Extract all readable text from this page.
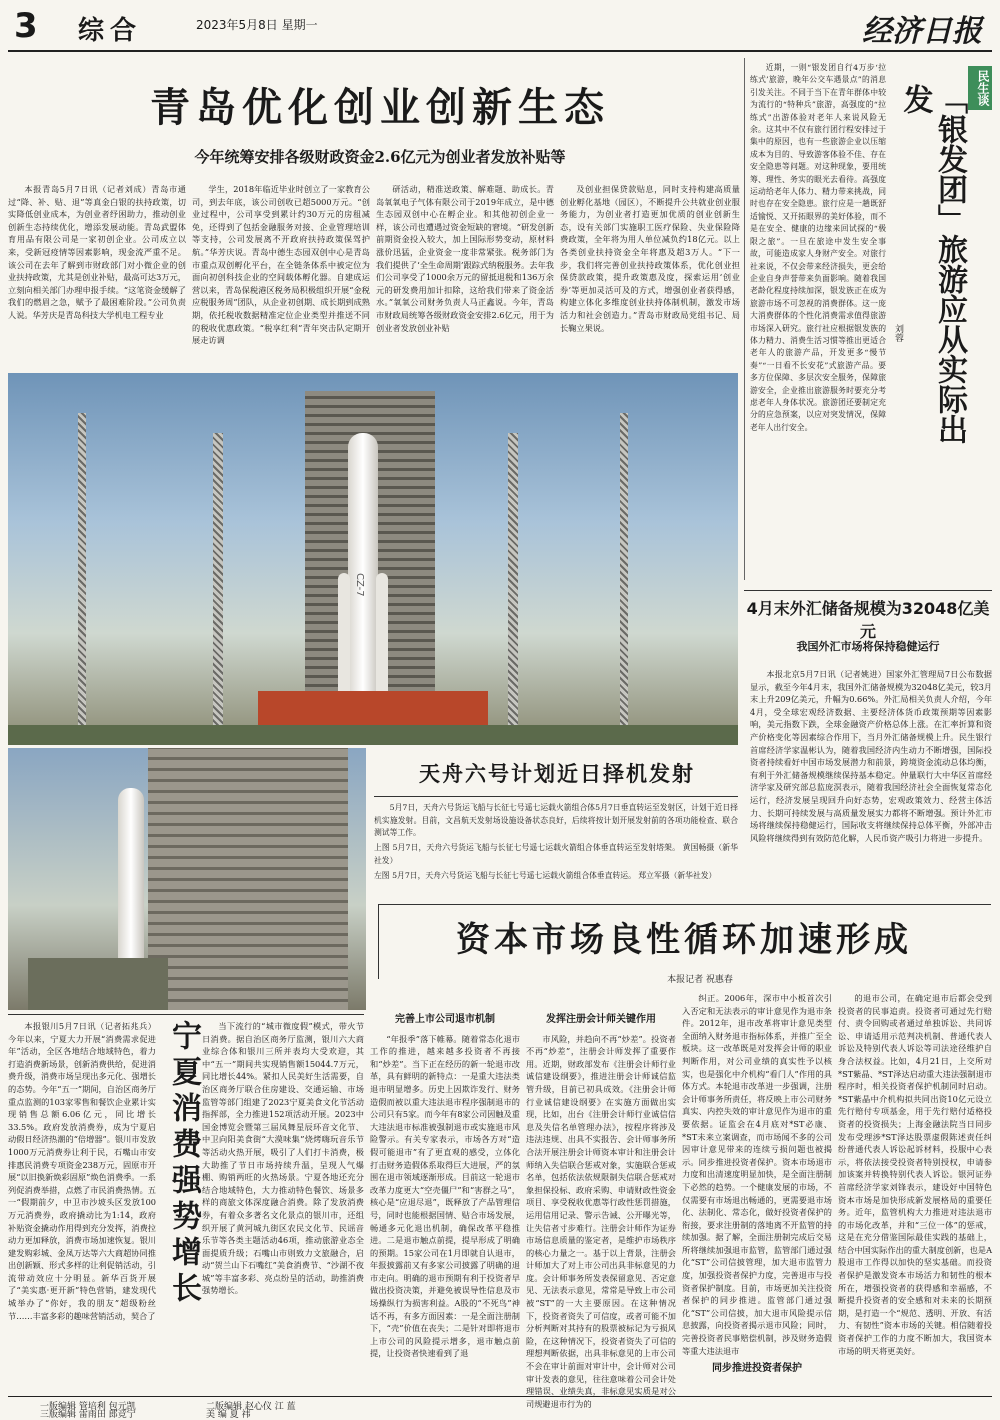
3 综合	2023年5月8日 星期一	经济日报
青岛优化创业创新生态
今年统筹安排各级财政资金2.6亿元为创业者发放补贴等

本报青岛5月7日讯（记者刘成）青岛市通过“降、补、贴、退”等真金白银的扶持政策，切实降低创业成本，为创业者纾困助力，推动创业创新生态持续优化，增添发展动能。青岛武盟体育用品有限公司是一家初创企业。公司成立以来，受新冠疫情等因素影响，现金流严重不足。该公司在去年了解到市财政部门对小微企业的创业扶持政策，尤其是创业补贴，最高可达3万元，立刻向相关部门办理申报手续。“这笔资金缓解了我们的燃眉之急，赋予了最困难阶段。”公司负责人说。华芳庆是青岛科技大学机电工程专业

学生，2018年临近毕业时创立了一家教育公司，到去年底，该公司创收已超5000万元。“创业过程中，公司享受到累计约30万元的房租减免，还得到了包括金融服务对接、企业管理培训等支持，公司发展离不开政府扶持政策保驾护航。”华芳庆说。青岛中德生态园双创中心是青岛市重点双创孵化平台，在全链条体系中被定位为面向初创科技企业的空间载体孵化器。自建成运营以来，青岛保税港区税务局积极组织开展“金税应税服务周”团队，从企业初创期、成长期到成熟期，依托税收数据精准定位企业类型并推送不同的税收优惠政策。“税享红利”青年突击队定期开展走访调

研活动，精准送政策、解难题、助成长。青岛氧氧电子气体有限公司于2019年成立，是中德生态园双创中心在孵企业。和其他初创企业一样，该公司也遭遇过资金短缺的窘境。“研发创新前期资金投入较大，加上国际形势变动，原材料涨价迅猛，企业资金一度非常紧张。税务部门为我们提供了‘全生命周期’跟踪式纳税服务。去年我们公司享受了1000余万元的留抵退税和136万余元的研发费用加计扣除，这给我们带来了资金活水。”氧氧公司财务负责人马正鑫说。今年，青岛市财政局统筹各级财政资金安排2.6亿元，用于为创业者发放创业补贴

及创业担保贷款贴息，同时支持构建高质量创业孵化基地（园区），不断提升公共就业创业服务能力，为创业者打造更加优质的创业创新生态，设有关部门实施职工医疗保险、失业保险降费政策，全年将为用人单位减负约18亿元。以上各类创业扶持资金全年将惠及超3万人。“下一步，我们将完善创业扶持政策体系，优化创业担保贷款政策，提升政策惠及度，探索运用‘创业券’等更加灵活可及的方式，增强创业者获得感，构建立体化多维度创业扶持体制机制，激发市场活力和社会创造力。”青岛市财政局党组书记、局长鞠立果说。

CZ-7
天舟六号计划近日择机发射

5月7日，天舟六号货运飞船与长征七号遥七运载火箭组合体5月7日垂直转运至发射区，计划于近日择机实施发射。目前，文昌航天发射场设施设备状态良好，后续将按计划开展发射前的各项功能检查、联合测试等工作。

上图 5月7日，天舟六号货运飞船与长征七号遥七运载火箭组合体垂直转运至发射塔架。 黄国畅摄（新华社发）
左图 5月7日，天舟六号货运飞船与长征七号遥七运载火箭组合体垂直转运。 郑立军摄（新华社发）
民生谈
「银发团」旅游应从实际出发
刘蓉

近期，一则“银发团自行4万步‘拉练式’旅游，晚年公交车遇景点”的消息引发关注。不同于当下在青年群体中较为流行的“特种兵”旅游，高强度的“拉练式”出游体验对老年人来说风险无余。这其中不仅有旅行团行程安排过于集中的原因，也有一些旅游企业以压缩成本为目的、导致游客体验不佳、存在安全隐患等问题。对这种现象，要用统筹、理性、务实的眼光去看待。高强度运动给老年人体力、精力带来挑战，同时也存在安全隐患。旅行应是一趟既舒适愉悦、又开拓眼界的美好体验，而不是在安全、健康的边缘来回试探的“极限之旅”。一旦在旅途中发生安全事故，可能造成家人身财产安全。对旅行社来说，不仅会带来经济损失，更会给企业自身声誉带来负面影响。随着我国老龄化程度持续加深，银发族正在成为旅游市场不可忽视的消费群体。这一庞大消费群体的个性化消费需求值得旅游市场深入研究。旅行社应根据银发族的体力精力、消费生活习惯等推出更适合老年人的旅游产品，开发更多“慢节奏”“一日看不长安花”式旅游产品。要多方位保障、多层次安全服务，保障旅游安全，企业推出旅游服务时要充分考虑老年人身体状况。旅游团还要制定充分的应急预案，以应对突发情况，保障老年人出行安全。

4月末外汇储备规模为32048亿美元
我国外汇市场将保持稳健运行

本报北京5月7日讯（记者姚进）国家外汇管理局7日公布数据显示，截至今年4月末，我国外汇储备规模为32048亿美元，较3月末上升209亿美元，升幅为0.66%。外汇局相关负责人介绍，今年4月，受全球宏观经济数据、主要经济体货币政策预期等因素影响，美元指数下跌，全球金融资产价格总体上涨。在汇率折算和资产价格变化等因素综合作用下，当月外汇储备规模上升。民生银行首席经济学家温彬认为，随着我国经济内生动力不断增强，国际投资者持续看好中国市场发展潜力和前景，跨境资金流动总体均衡，有利于外汇储备规模继续保持基本稳定。仲量联行大中华区首席经济学家及研究部总监庞溟表示，随着我国经济社会全面恢复常态化运行，经济发展呈现回升向好态势，宏观政策效力、经营主体活力、长期可持续发展与高质量发展实力都将不断增强。预计外汇市场将继续保持稳健运行，国际收支将继续保持总体平衡，外部冲击风险将继续得到有效防范化解，人民币资产吸引力将进一步提升。

资本市场良性循环加速形成
本报记者 祝惠春
完善上市公司退市机制

“年报季”落下帷幕。随着常态化退市工作的推进，越来越多投资者不再接和“炒差”。当下正在经历的新一轮退市改革，具有鲜明的新特点：一是重大违法类退市明显增多。历史上因欺诈发行、财务造假而被以重大违法退市程序强制退市的公司只有5家。而今年有8家公司因触及重大违法退市标准被强制退市或实施退市风险警示。有关专家表示，市场各方对“造假可能退市”有了更直观的感受，立体化打击财务造假体系取得巨大进展，严的氛围在退市领域逐渐形成。目前这一轮退市改革力度更大“空壳僵尸”和“害群之马”，核心是“应退尽退”，既释放了产品管理信号，同时也能根据国情、贴合市场发展，畅通多元化退出机制，确保改革平稳推进。二是退市触点前提，提早形成了明确的预期。15家公司在1月即就自认退市，年报披露前又有多家公司披露了明确的退市走向。明确的退市预期有利于投资者早做出投资决策，并避免被误导性信息及市场操纵行为损害利益。A股的“不死鸟”神话不再，有多方面因素：一是全面注册制下，“壳”价值在丧失；二是针对即将退市上市公司的风险提示增多，退市触点前提，让投资者快速看到了退

发挥注册会计师关键作用

市风险，并趋向不再“炒差”。投资者不再“炒差”，注册会计师发挥了重要作用。近期，财政部发布《注册会计师行业诚信建设纲要》，推进注册会计师诚信监管升级，目前已初具成效。《注册会计师行业诚信建设纲要》在实施方面做出实现，比如，出台《注册会计师行业诚信信息及失信名单管理办法》，按程序将涉及违法违规、出具不实报告、会计师事务所合法开展注册会计师资本审计和注册会计师纳入失信联合惩戒对象，实施联合惩戒名单，包括依法依规限制失信联合惩戒对象担保投标、政府采购、申请财政性资金项目、享受税收优惠等行政性惩罚措施，运用信用记录、警示告诫、公开曝光等，让失信者寸步难行。注册会计师作为证券市场信息质量的鉴定者，是维护市场秩序的核心力量之一。基于以上背景，注册会计师加大了对上市公司出具非标意见的力度。会计师事务所发表保留意见、否定意见、无法表示意见，常常是导致上市公司被“ST”的一大主要原因。在这种情况下，投资者资失了可信度，或者可能不加分析判断对其持有的股票被标记为亏损风险，在这种情况下，投资者资失了可信的理想判断依据，出具非标意见的上市公司不会在审计前面对审计中，会计师对公司审计发表的意见，往往意味着公司会计处理错误、业绩失真，非标意见实质是对公司规避退市行为的

纠正。2006年，深市中小板首次引入否定和无法表示的审计意见作为退市条件。2012年，退市改革将审计意见类型全面纳入财务退市指标体系，并推广至全板块。这一改革既是对发挥会计师的职业判断作用，对公司业绩的真实性予以核实，也是强化中介机构“看门人”作用的具体方式。本轮退市改革进一步强调，注册会计师事务所责任，将反映上市公司财务真实、内控失效的审计意见作为退市的重要依据。证监会在4月底对*ST必康、*ST未来立案调查，而市场闻不多的公司因审计意见带来的连续亏损问题也被揭示。同步推进投资者保护。资本市场退市力度和出清速度明显加快，是全面注册制下必然的趋势。一个健康发展的市场，不仅需要有市场退出畅通的，更需要退市场化、法制化、常态化，做好投资者保护的衔接，要求注册制的落地离不开监管的持续加强。据了解，全面注册制完成后交易所将继续加强退市监管，监管部门通过强化“ST”公司信披管理，加大退市监管力度，加强投资者保护力度，完善退市与投资者保护制度。目前，市场更加关注投资者保护的同步推进。监管部门通过强化“ST”公司信披，加大退市风险提示信息披露，向投资者揭示退市风险；同时，完善投资者民事赔偿机制，涉及财务造假等重大违法退市

同步推进投资者保护

的退市公司，在确定退市后都会受到投资者的民事追责。投资者可通过先行赔付、责令回购或者通过单独诉讼、共同诉讼、申请适用示范判决机制、普通代表人诉讼及特别代表人诉讼等司法途径维护自身合法权益。比如，4月21日，上交所对*ST紫晶、*ST泽达启动重大违法强制退市程序时，相关投资者保护机制同时启动。*ST紫晶中介机构拟共同出资10亿元设立先行赔付专项基金，用于先行赔付适格投资者的投资损失；上海金融法院当日同步发布受理涉*ST泽达股票虚假陈述责任纠纷普通代表人诉讼起诉材料，投服中心表示，将依法接受投资者特别授权，申请参加该案并转换特别代表人诉讼。银河证券首席经济学家刘锋表示，建设好中国特色资本市场是加快形成新发展格局的重要任务。近年，监管机构大力推进对违法退市的市场化改革，并和“三位一体”的惩戒，这是在充分借鉴国际最佳实践的基础上，结合中国实际作出的重大制度创新，也是A股退市工作得以加快的坚实基础。而投资者保护是激发资本市场活力和韧性的根本所在，增强投资者的获得感和幸福感，不断提升投资者的安全感和对未来的长期预期，是打造一个“规范、透明、开放、有活力、有韧性”资本市场的关键。相信随着投资者保护工作的力度不断加大，我国资本市场的明天将更美好。

宁夏消费强势增长

本报银川5月7日讯（记者拓兆兵）今年以来，宁夏大力开展“消费需求促进年”活动，全区各地结合地域特色，着力打造消费新场景，创新消费供给，促进消费升级，消费市场呈现出多元化、强增长的态势。今年“五一”期间，自治区商务厅重点监测的103家零售和餐饮企业累计实现销售总额6.06亿元，同比增长33.5%。政府发放消费券，成为宁夏启动假日经济热潮的“倍增器”。银川市发放1000万元消费券让利于民，石嘴山市安排惠民消费专项资金238万元，固原市开展“以旧换新焕彩固原”焕色消费季。一系列促消费举措，点燃了市民消费热情。五一“假期前夕，中卫市沙坡头区发放100万元消费券，政府撬动比为1:14，政府补贴资金撬动作用得到充分发挥，消费拉动力更加释放，消费市场加速恢复。银川建发购彩城、金凤万达等六大商超协同推出创新颖、形式多样的让利促销活动，引流带动效应十分明显。新华百货开展了“美实惠·更开新”特色营销，建发现代城举办了“你好，我的朋友”超级粉丝节……丰富多彩的趣味营销活动，契合了

当下流行的“城市微度假”模式，带火节日消费。据自治区商务厅监测，银川六大商业综合体和银川三所并表均大受欢迎，其中“五一”期间共实现销售额15044.7万元，同比增长44%。紧扣人民美好生活需要，自治区商务厅联合住房建设、交通运输、市场监管等部门组建了2023宁夏美食文化节活动指挥部，全力推进152项活动开展。2023中国金博览会暨第三届凤舞星辰环音文化节、中卫向阳美食街“大漠味集”烧烤嗨玩音乐节等活动火热开展，吸引了人们打卡消费，极大助推了节日市场持续升温，呈现人气爆棚、购销两旺的火热场景。宁夏各地还充分结合地域特色，大力推动特色餐饮、场景多样的商旅文体深度融合消费。除了发放消费券，有着众多著名文化景点的银川市，还组织开展了黄河城九街区农民文化节、民谣音乐节等各类主题活动46项，推动旅游业态全面提质升级；石嘴山市则致力文旅融合，启动“贺兰山下石嘴红”美食消费节、“沙湖不夜城”等丰富多彩、亮点纷呈的活动，助推消费强势增长。

一版编辑 管培利 包元凯
三版编辑 雷雨田 郎竞宁
二版编辑 赵心仪 江 蓝
美 编 夏 祎
